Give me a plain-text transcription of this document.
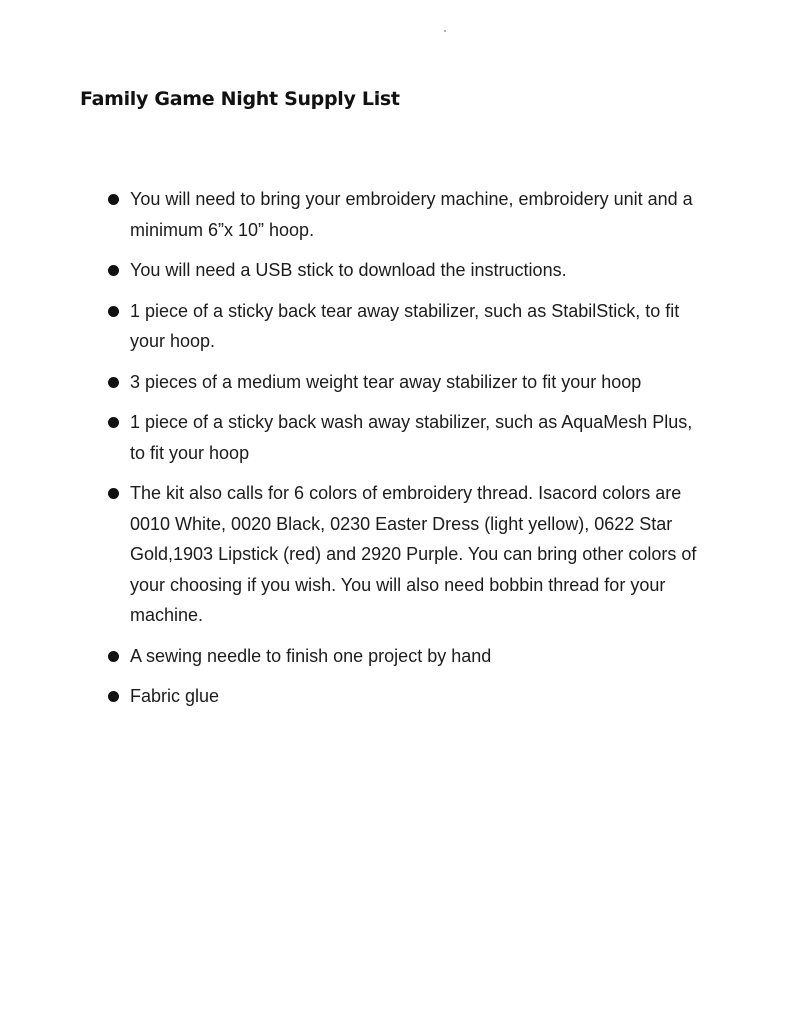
Family Game Night Supply List
You will need to bring your embroidery machine, embroidery unit and a minimum 6”x 10” hoop.
You will need a USB stick to download the instructions.
1 piece of a sticky back tear away stabilizer, such as StabilStick, to fit your hoop.
3 pieces of a medium weight tear away stabilizer to fit your hoop
1 piece of a sticky back wash away stabilizer, such as AquaMesh Plus, to fit your hoop
The kit also calls for 6 colors of embroidery thread. Isacord colors are 0010 White, 0020 Black, 0230 Easter Dress (light yellow), 0622 Star Gold,1903 Lipstick (red) and 2920 Purple. You can bring other colors of your choosing if you wish. You will also need bobbin thread for your machine.
A sewing needle to finish one project by hand
Fabric glue
